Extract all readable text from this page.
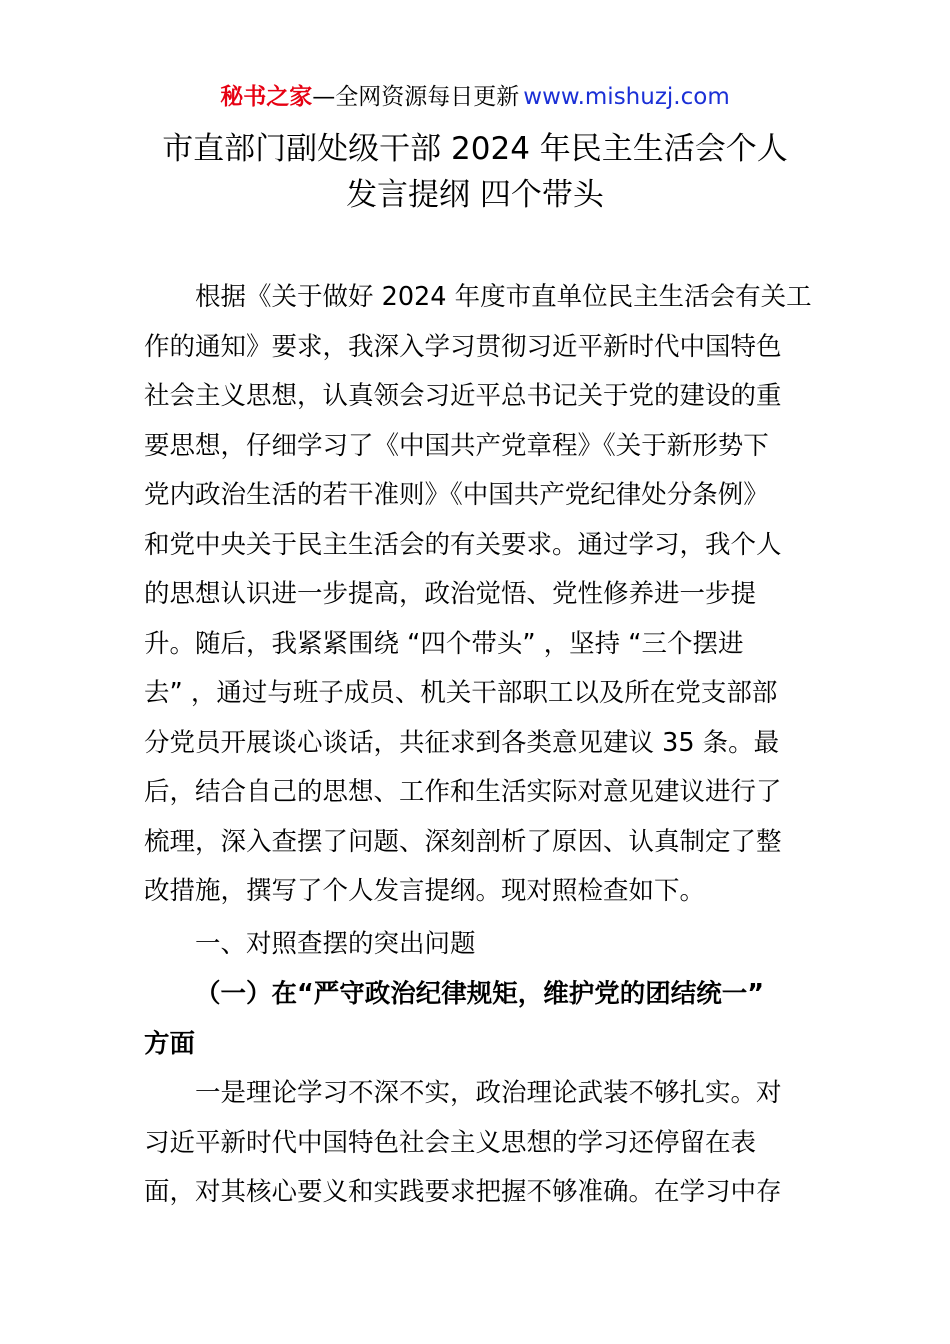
秘书之家—全网资源每日更新 www.mishuzj.com
市直部门副处级干部 2024 年民主生活会个人
发言提纲 四个带头
根据《关于做好 2024 年度市直单位民主生活会有关工
作的通知》要求，我深入学习贯彻习近平新时代中国特色
社会主义思想，认真领会习近平总书记关于党的建设的重
要思想，仔细学习了《中国共产党章程》《关于新形势下
党内政治生活的若干准则》《中国共产党纪律处分条例》
和党中央关于民主生活会的有关要求。通过学习，我个人
的思想认识进一步提高，政治觉悟、党性修养进一步提
升。随后，我紧紧围绕 “四个带头” ，坚持 “三个摆进
去” ，通过与班子成员、机关干部职工以及所在党支部部
分党员开展谈心谈话，共征求到各类意见建议 35 条。最
后，结合自己的思想、工作和生活实际对意见建议进行了
梳理，深入查摆了问题、深刻剖析了原因、认真制定了整
改措施，撰写了个人发言提纲。现对照检查如下。
一、对照查摆的突出问题
（一）在“严守政治纪律规矩，维护党的团结统一”
方面
一是理论学习不深不实，政治理论武装不够扎实。对
习近平新时代中国特色社会主义思想的学习还停留在表
面，对其核心要义和实践要求把握不够准确。在学习中存
